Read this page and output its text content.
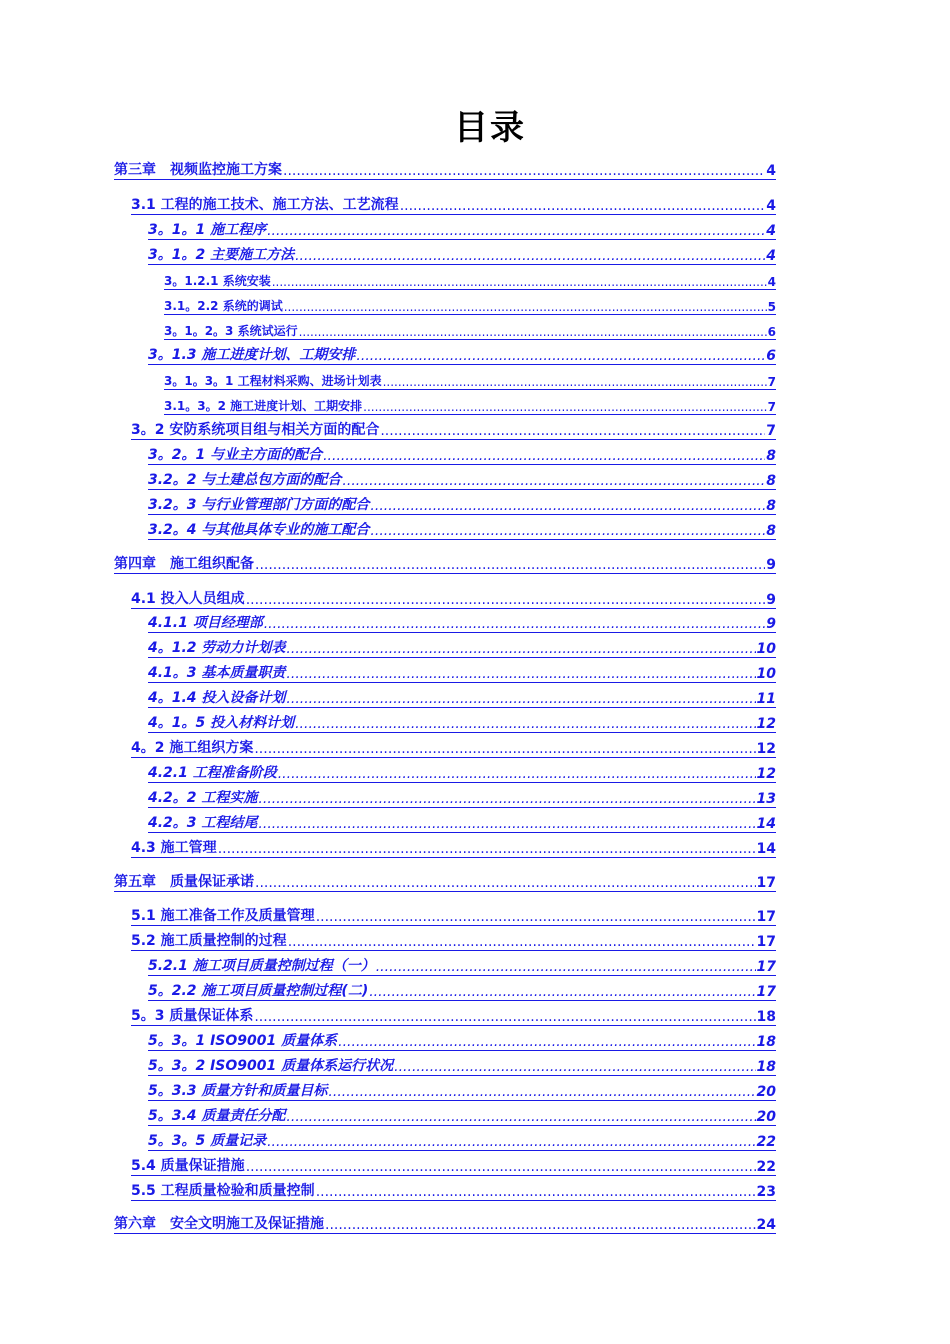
目录
第三章　视频监控施工方案 .....	4
3.1 工程的施工技术、施工方法、工艺流程 .....	4
3。1。1 施工程序 .....	4
3。1。2 主要施工方法 .....	4
3。1.2.1 系统安装 .....	4
3.1。2.2 系统的调试 .....	5
3。1。2。3 系统试运行 .....	6
3。1.3 施工进度计划、工期安排 .....	6
3。1。3。1 工程材料采购、进场计划表 .....	7
3.1。3。2 施工进度计划、工期安排 .....	7
3。2 安防系统项目组与相关方面的配合 .....	7
3。2。1 与业主方面的配合 .....	8
3.2。2 与土建总包方面的配合 .....	8
3.2。3 与行业管理部门方面的配合 .....	8
3.2。4 与其他具体专业的施工配合 .....	8
第四章　施工组织配备 .....	9
4.1 投入人员组成 .....	9
4.1.1 项目经理部 .....	9
4。1.2 劳动力计划表 .....	10
4.1。3 基本质量职责 .....	10
4。1.4 投入设备计划 .....	11
4。1。5 投入材料计划 .....	12
4。2 施工组织方案 .....	12
4.2.1 工程准备阶段 .....	12
4.2。2 工程实施 .....	13
4.2。3 工程结尾 .....	14
4.3 施工管理 .....	14
第五章　质量保证承诺 .....	17
5.1 施工准备工作及质量管理 .....	17
5.2 施工质量控制的过程 .....	17
5.2.1 施工项目质量控制过程（一） .....	17
5。2.2 施工项目质量控制过程(二) .....	17
5。3 质量保证体系 .....	18
5。3。1 ISO9001 质量体系 .....	18
5。3。2 ISO9001 质量体系运行状况 .....	18
5。3.3 质量方针和质量目标 .....	20
5。3.4 质量责任分配 .....	20
5。3。5 质量记录 .....	22
5.4 质量保证措施 .....	22
5.5 工程质量检验和质量控制 .....	23
第六章　安全文明施工及保证措施 .....	24
